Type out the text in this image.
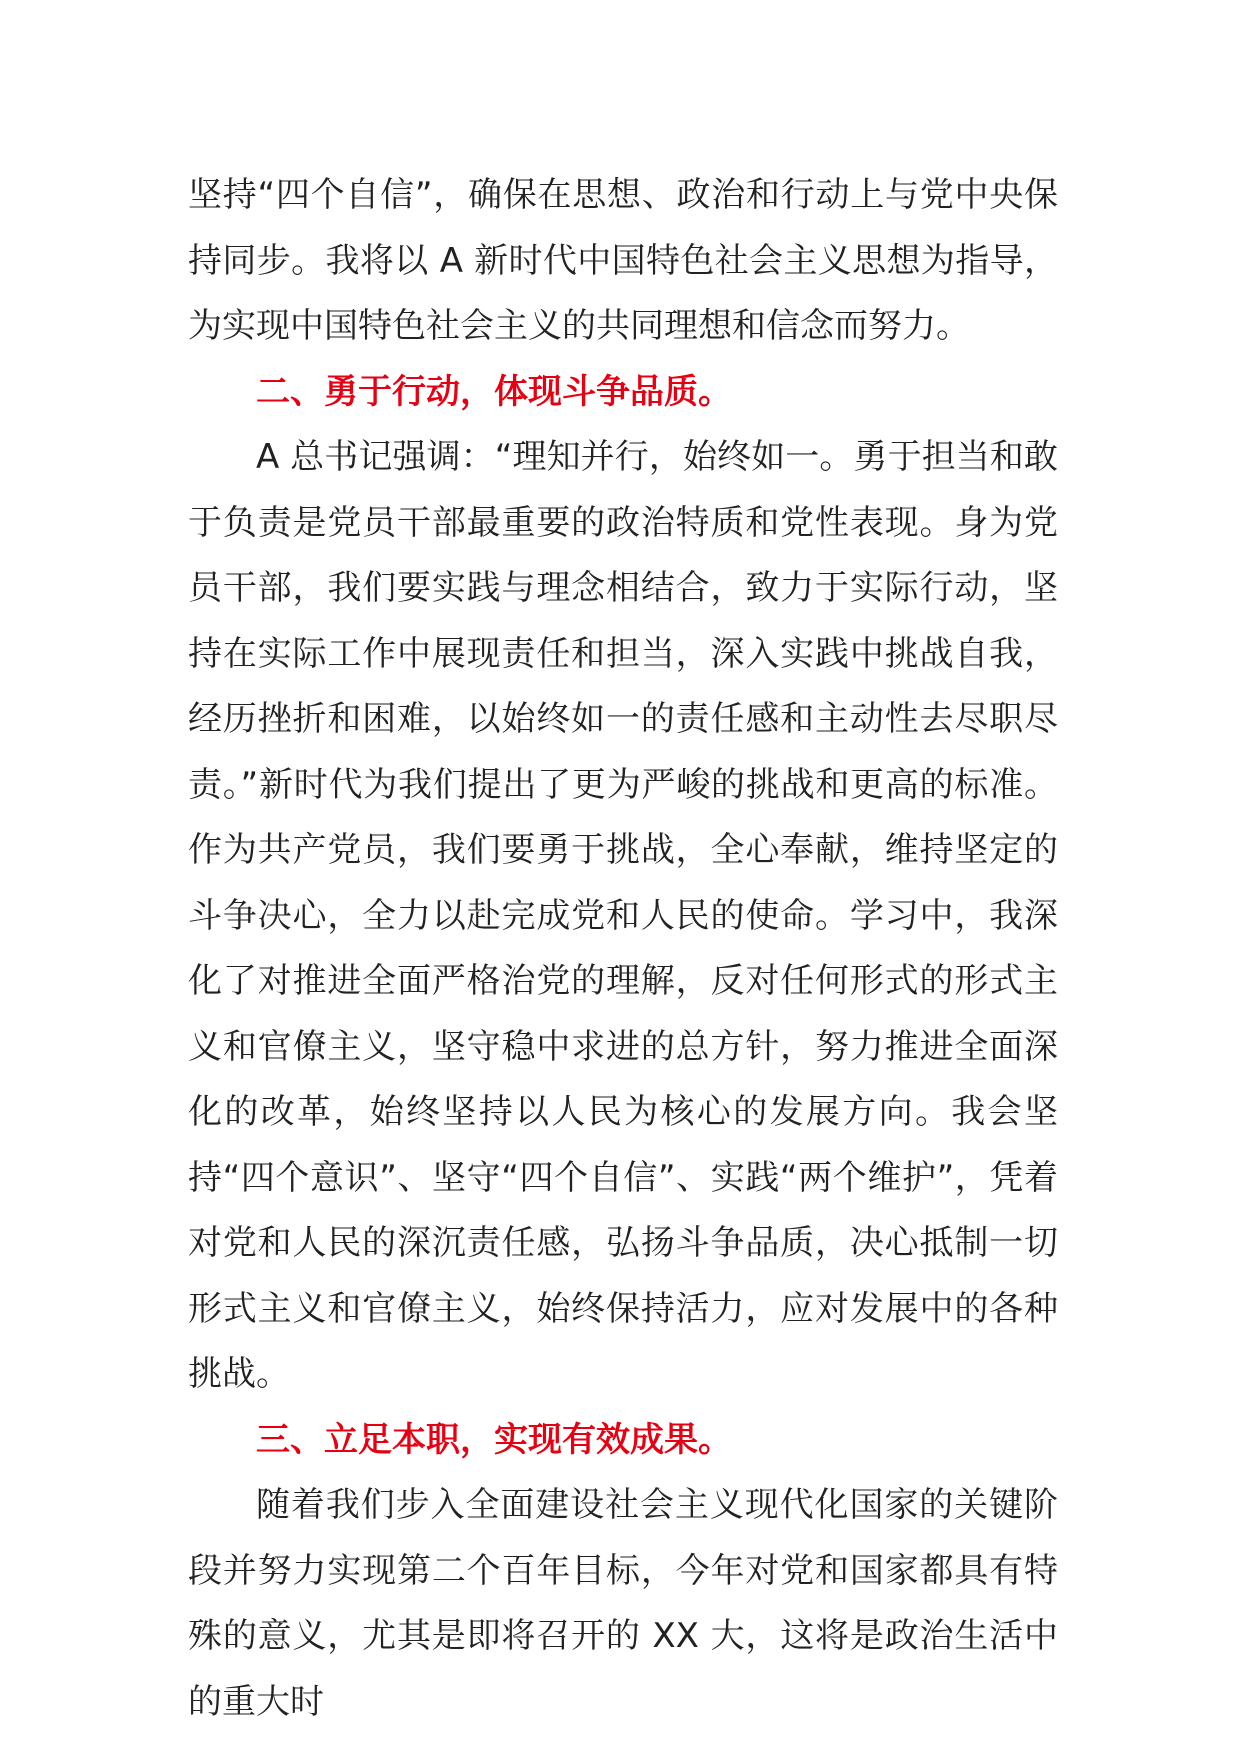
坚持“四个自信”，确保在思想、政治和行动上与党中央保持同步。我将以 A 新时代中国特色社会主义思想为指导，为实现中国特色社会主义的共同理想和信念而努力。

二、勇于行动，体现斗争品质。

A 总书记强调：“理知并行，始终如一。勇于担当和敢于负责是党员干部最重要的政治特质和党性表现。身为党员干部，我们要实践与理念相结合，致力于实际行动，坚持在实际工作中展现责任和担当，深入实践中挑战自我，经历挫折和困难，以始终如一的责任感和主动性去尽职尽责。”新时代为我们提出了更为严峻的挑战和更高的标准。作为共产党员，我们要勇于挑战，全心奉献，维持坚定的斗争决心，全力以赴完成党和人民的使命。学习中，我深化了对推进全面严格治党的理解，反对任何形式的形式主义和官僚主义，坚守稳中求进的总方针，努力推进全面深化的改革，始终坚持以人民为核心的发展方向。我会坚持“四个意识”、坚守“四个自信”、实践“两个维护”，凭着对党和人民的深沉责任感，弘扬斗争品质，决心抵制一切形式主义和官僚主义，始终保持活力，应对发展中的各种挑战。

三、立足本职，实现有效成果。

随着我们步入全面建设社会主义现代化国家的关键阶段并努力实现第二个百年目标，今年对党和国家都具有特殊的意义，尤其是即将召开的 XX 大，这将是政治生活中的重大时
